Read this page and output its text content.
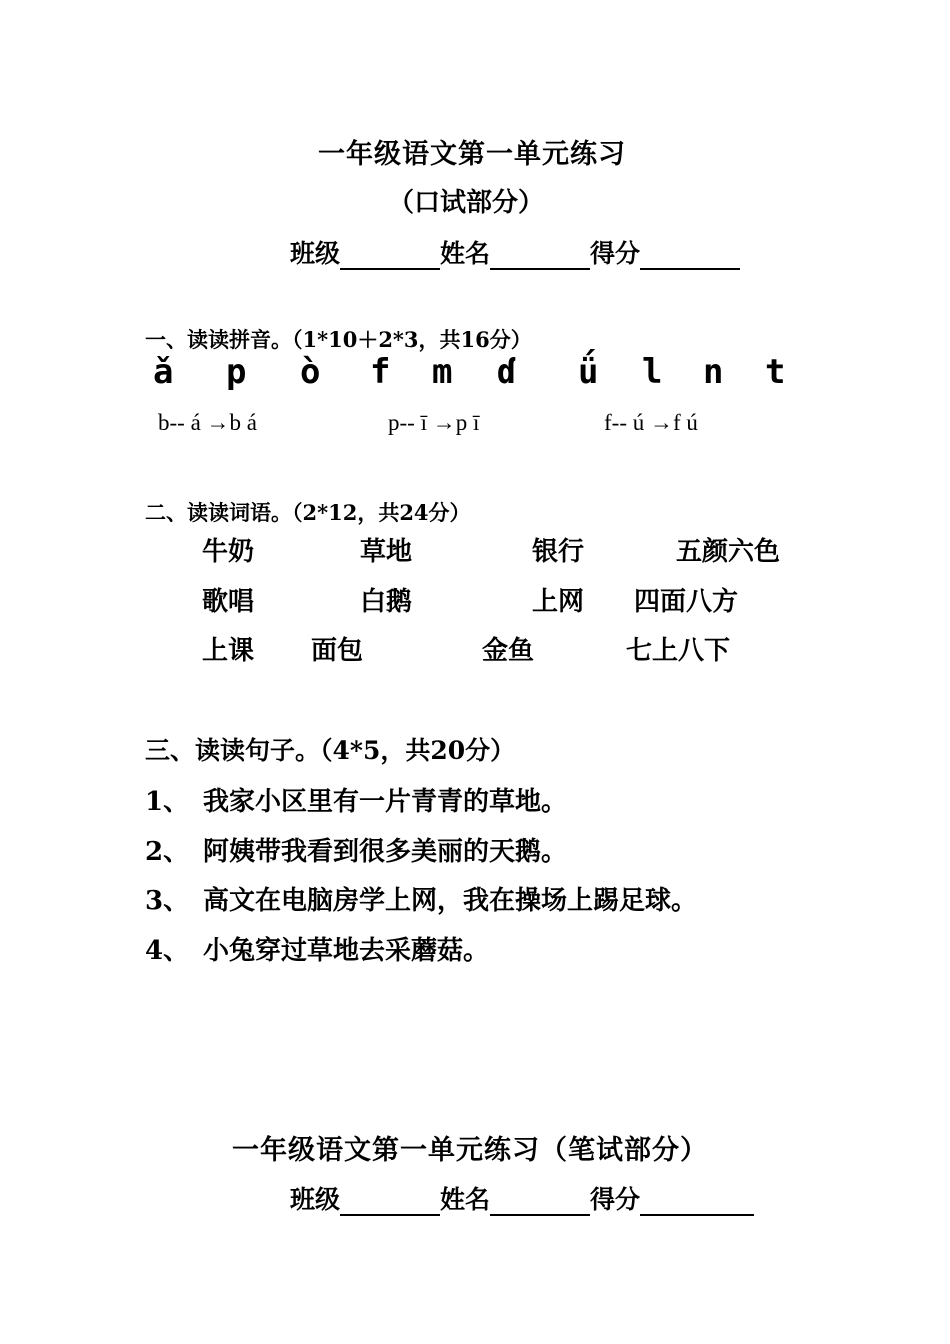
一年级语文第一单元练习
（口试部分）
班级	姓名	得分
一、读读拼音。（1*10＋2*3，共16分）
ǎ p ò f m ɗ ǘ l n t
b-- á →b á	p-- ī →p ī	f-- ú →f ú
二、读读词语。（2*12，共24分）
牛奶	草地	银行	五颜六色
歌唱	白鹅	上网 四面八方
上课 面包	金鱼	七上八下
三、读读句子。（4*5，共20分）
1、 我家小区里有一片青青的草地。
2、 阿姨带我看到很多美丽的天鹅。
3、 高文在电脑房学上网，我在操场上踢足球。
4、 小兔穿过草地去采蘑菇。
一年级语文第一单元练习（笔试部分）
班级	姓名	得分
